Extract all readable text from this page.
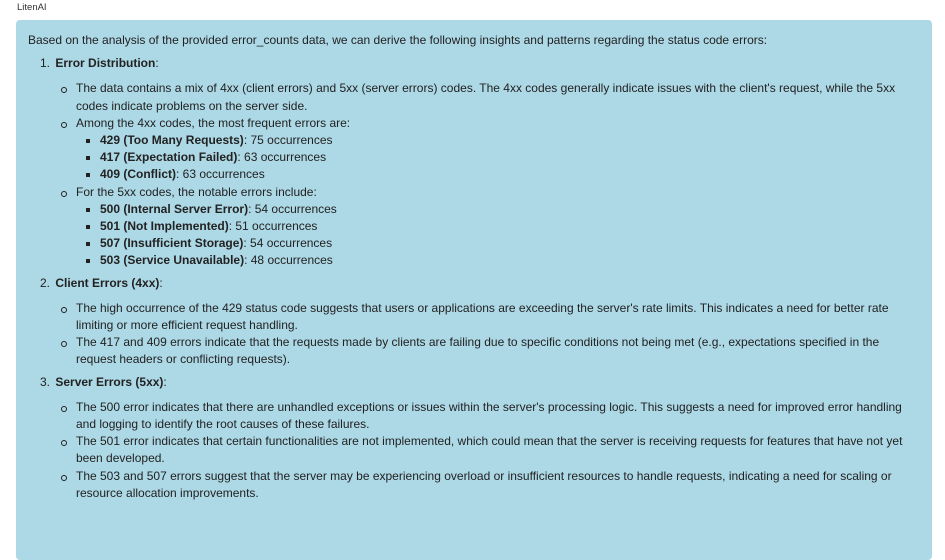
LitenAI

Based on the analysis of the provided error_counts data, we can derive the following insights and patterns regarding the status code errors:

1. Error Distribution:
The data contains a mix of 4xx (client errors) and 5xx (server errors) codes. The 4xx codes generally indicate issues with the client's request, while the 5xx codes indicate problems on the server side.
Among the 4xx codes, the most frequent errors are:
429 (Too Many Requests): 75 occurrences
417 (Expectation Failed): 63 occurrences
409 (Conflict): 63 occurrences
For the 5xx codes, the notable errors include:
500 (Internal Server Error): 54 occurrences
501 (Not Implemented): 51 occurrences
507 (Insufficient Storage): 54 occurrences
503 (Service Unavailable): 48 occurrences
2. Client Errors (4xx):
The high occurrence of the 429 status code suggests that users or applications are exceeding the server's rate limits. This indicates a need for better rate limiting or more efficient request handling.
The 417 and 409 errors indicate that the requests made by clients are failing due to specific conditions not being met (e.g., expectations specified in the request headers or conflicting requests).
3. Server Errors (5xx):
The 500 error indicates that there are unhandled exceptions or issues within the server's processing logic. This suggests a need for improved error handling and logging to identify the root causes of these failures.
The 501 error indicates that certain functionalities are not implemented, which could mean that the server is receiving requests for features that have not yet been developed.
The 503 and 507 errors suggest that the server may be experiencing overload or insufficient resources to handle requests, indicating a need for scaling or resource allocation improvements.
